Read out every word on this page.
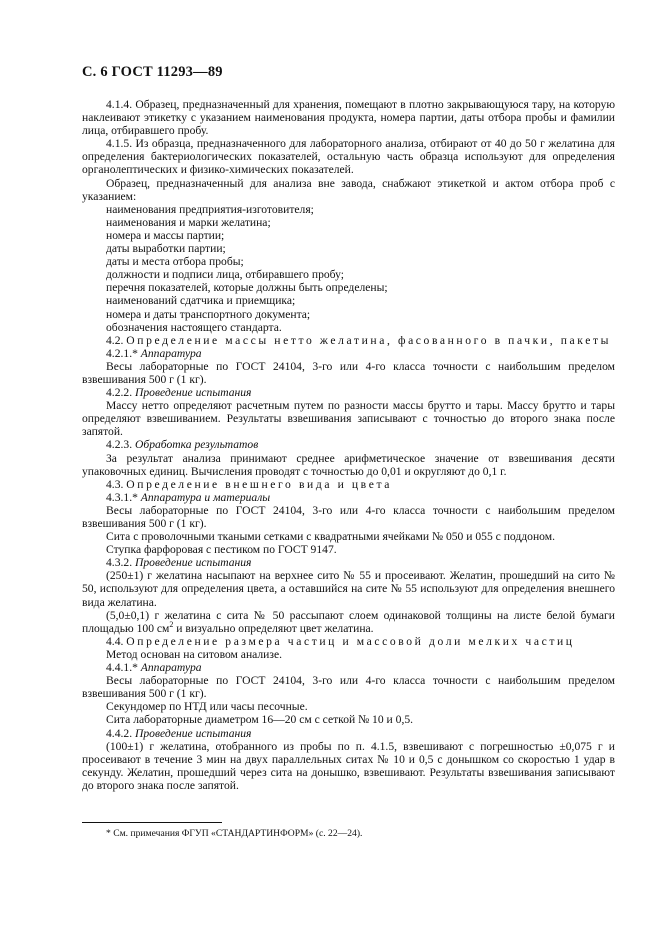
С. 6 ГОСТ 11293—89

4.1.4. Образец, предназначенный для хранения, помещают в плотно закрывающуюся тару, на которую наклеивают этикетку с указанием наименования продукта, номера партии, даты отбора пробы и фамилии лица, отбиравшего пробу.

4.1.5. Из образца, предназначенного для лабораторного анализа, отбирают от 40 до 50 г желатина для определения бактериологических показателей, остальную часть образца используют для определения органолептических и физико-химических показателей.

Образец, предназначенный для анализа вне завода, снабжают этикеткой и актом отбора проб с указанием:

наименования предприятия-изготовителя;

наименования и марки желатина;

номера и массы партии;

даты выработки партии;

даты и места отбора пробы;

должности и подписи лица, отбиравшего пробу;

перечня показателей, которые должны быть определены;

наименований сдатчика и приемщика;

номера и даты транспортного документа;

обозначения настоящего стандарта.

4.2. Определение массы нетто желатина, фасованного в пачки, пакеты

4.2.1.* Аппаратура

Весы лабораторные по ГОСТ 24104, 3-го или 4-го класса точности с наибольшим пределом взвешивания 500 г (1 кг).

4.2.2. Проведение испытания

Массу нетто определяют расчетным путем по разности массы брутто и тары. Массу брутто и тары определяют взвешиванием. Результаты взвешивания записывают с точностью до второго знака после запятой.

4.2.3. Обработка результатов

За результат анализа принимают среднее арифметическое значение от взвешивания десяти упаковочных единиц. Вычисления проводят с точностью до 0,01 и округляют до 0,1 г.

4.3. Определение внешнего вида и цвета

4.3.1.* Аппаратура и материалы

Весы лабораторные по ГОСТ 24104, 3-го или 4-го класса точности с наибольшим пределом взвешивания 500 г (1 кг).

Сита с проволочными ткаными сетками с квадратными ячейками № 050 и 055 с поддоном.

Ступка фарфоровая с пестиком по ГОСТ 9147.

4.3.2. Проведение испытания

(250±1) г желатина насыпают на верхнее сито № 55 и просеивают. Желатин, прошедший на сито № 50, используют для определения цвета, а оставшийся на сите № 55 используют для определения внешнего вида желатина.

(5,0±0,1) г желатина с сита № 50 рассыпают слоем одинаковой толщины на листе белой бумаги площадью 100 $см^2$ и визуально определяют цвет желатина.

4.4. Определение размера частиц и массовой доли мелких частиц

Метод основан на ситовом анализе.

4.4.1.* Аппаратура

Весы лабораторные по ГОСТ 24104, 3-го или 4-го класса точности с наибольшим пределом взвешивания 500 г (1 кг).

Секундомер по НТД или часы песочные.

Сита лабораторные диаметром 16—20 см с сеткой № 10 и 0,5.

4.4.2. Проведение испытания

(100±1) г желатина, отобранного из пробы по п. 4.1.5, взвешивают с погрешностью ±0,075 г и просеивают в течение 3 мин на двух параллельных ситах № 10 и 0,5 с донышком со скоростью 1 удар в секунду. Желатин, прошедший через сита на донышко, взвешивают. Результаты взвешивания записывают до второго знака после запятой.

* См. примечания ФГУП «СТАНДАРТИНФОРМ» (с. 22—24).
